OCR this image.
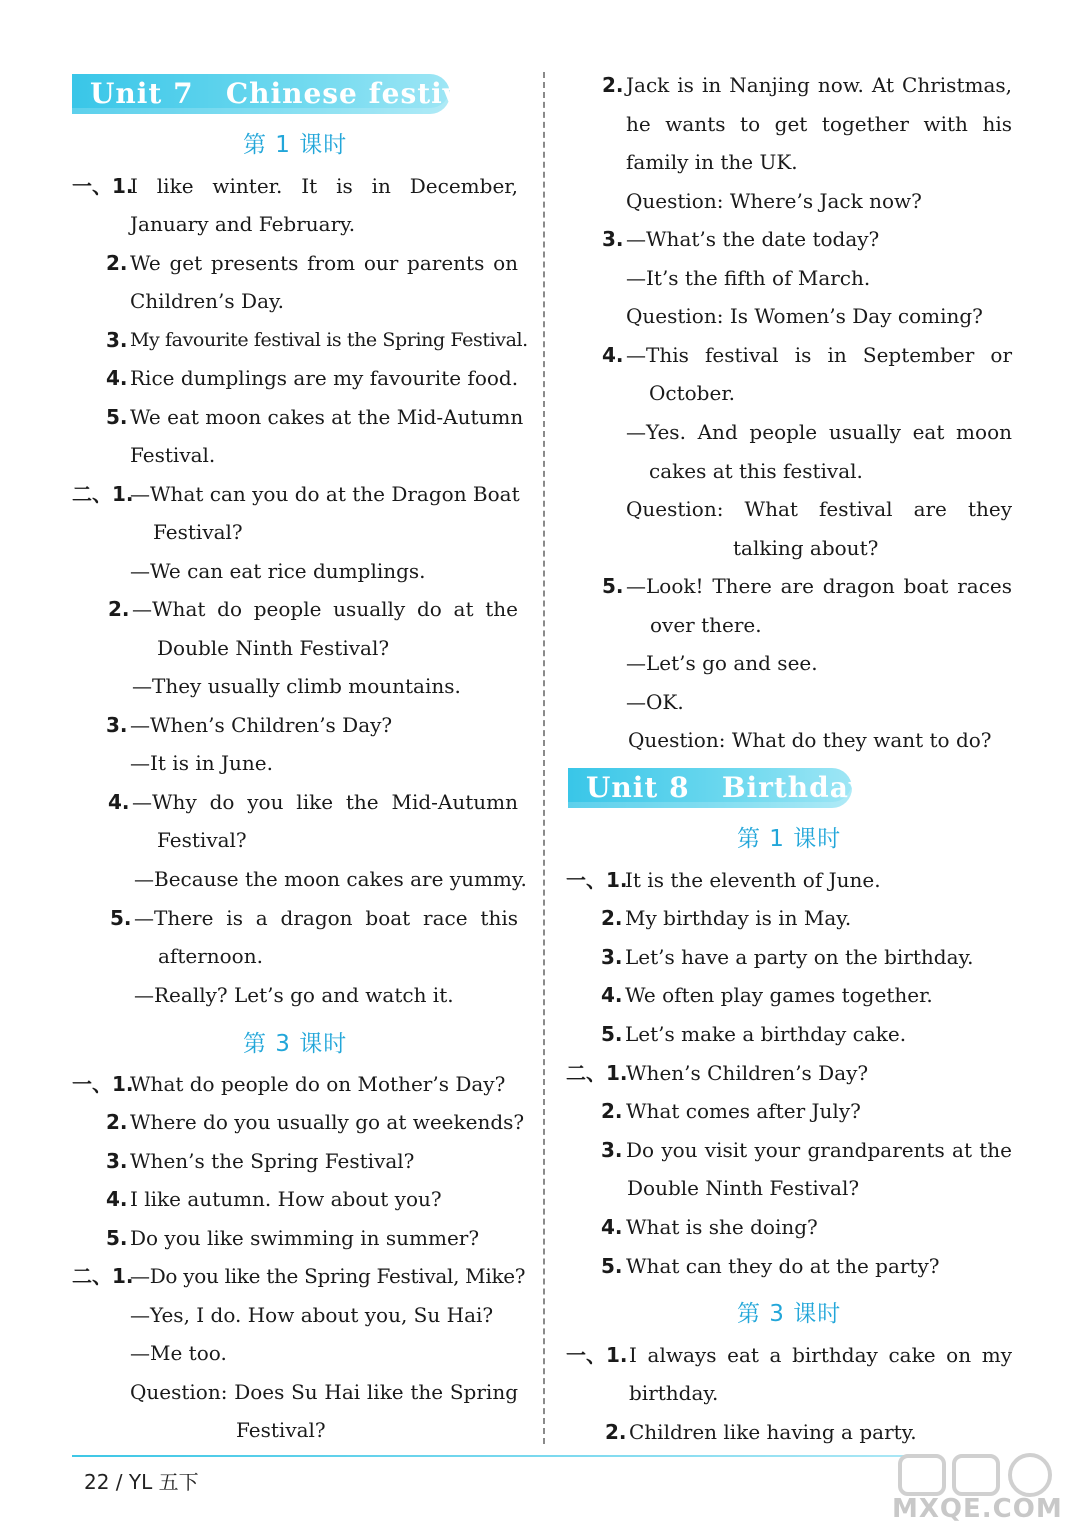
Unit 7   Chinese festivals
第 1 课时
一、1.
I like winter. It is in December,
January and February.
2. We get presents from our parents on
Children’s Day.
3. My favourite festival is the Spring Festival.
4. Rice dumplings are my favourite food.
5. We eat moon cakes at the Mid-Autumn
Festival.
二、1.
—What can you do at the Dragon Boat
Festival?
—We can eat rice dumplings.
2. —What do people usually do at the
Double Ninth Festival?
—They usually climb mountains.
3. —When’s Children’s Day?
—It is in June.
4. —Why do you like the Mid-Autumn
Festival?
—Because the moon cakes are yummy.
5. —There is a dragon boat race this
afternoon.
—Really? Let’s go and watch it.
第 3 课时
一、1.
What do people do on Mother’s Day?
2. Where do you usually go at weekends?
3. When’s the Spring Festival?
4. I like autumn. How about you?
5. Do you like swimming in summer?
二、1.
—Do you like the Spring Festival, Mike?
—Yes, I do. How about you, Su Hai?
—Me too.
Question: Does Su Hai like the Spring
Festival?
2. Jack is in Nanjing now. At Christmas,
he wants to get together with his
family in the UK.
Question: Where’s Jack now?
3. —What’s the date today?
—It’s the fifth of March.
Question: Is Women’s Day coming?
4. —This festival is in September or
October.
—Yes. And people usually eat moon
cakes at this festival.
Question: What festival are they
talking about?
5. —Look! There are dragon boat races
over there.
—Let’s go and see.
—OK.
Question: What do they want to do?
Unit 8   Birthdays
第 1 课时
一、1.
It is the eleventh of June.
2. My birthday is in May.
3. Let’s have a party on the birthday.
4. We often play games together.
5. Let’s make a birthday cake.
二、1.
When’s Children’s Day?
2. What comes after July?
3. Do you visit your grandparents at the
Double Ninth Festival?
4. What is she doing?
5. What can they do at the party?
第 3 课时
一、1. I always eat a birthday cake on my
birthday.
2. Children like having a party.
22 / YL 五下
MXQE.COM
